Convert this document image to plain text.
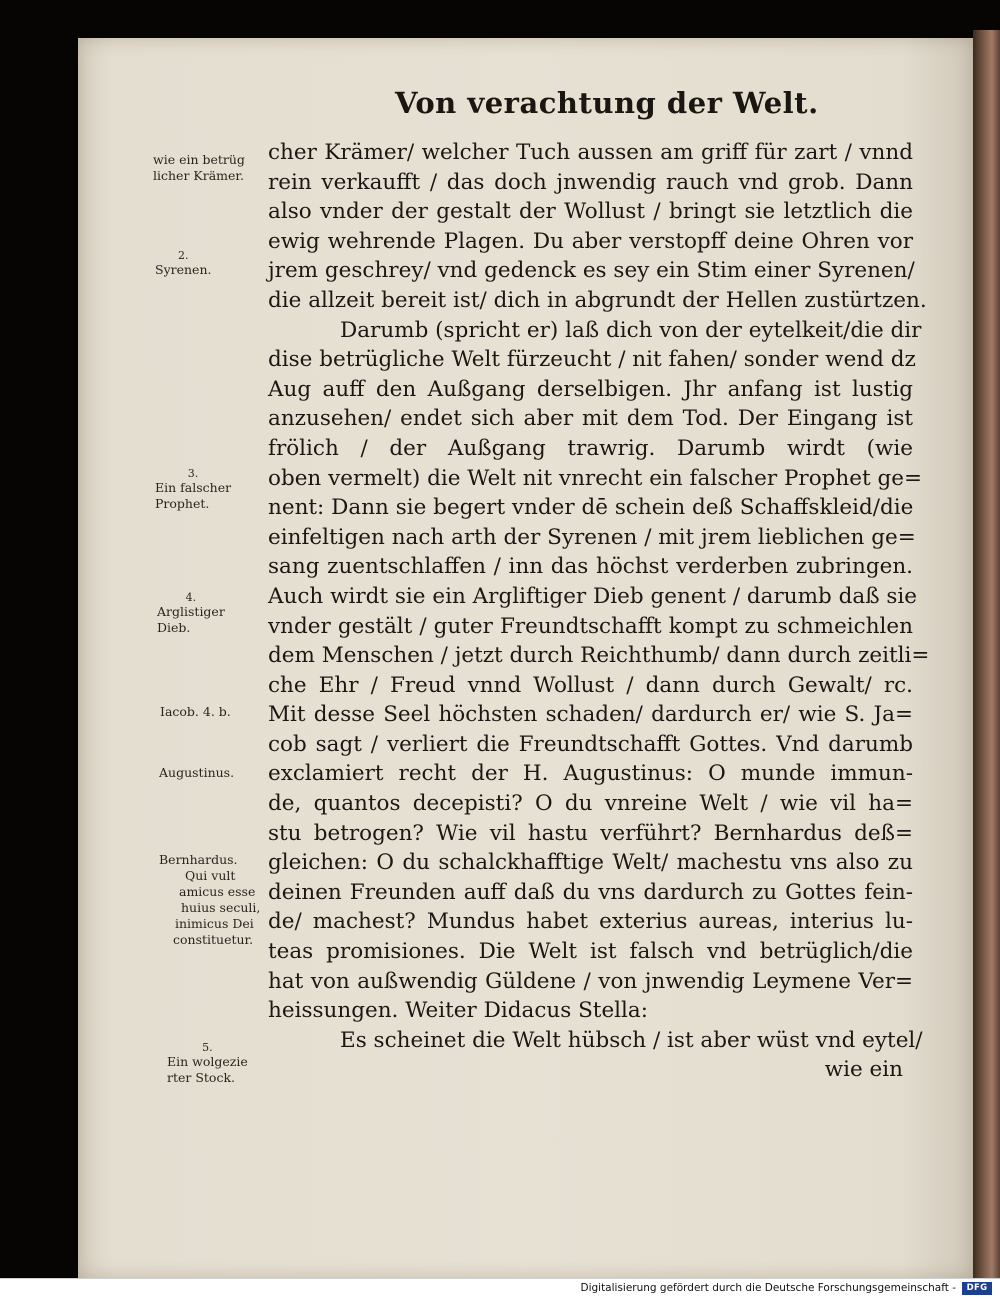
Von verachtung der Welt.
cher Krämer/ welcher Tuch aussen am griff für zart / vnnd
rein verkaufft / das doch jnwendig rauch vnd grob. Dann
also vnder der gestalt der Wollust / bringt sie letztlich die
ewig wehrende Plagen. Du aber verstopff deine Ohren vor
jrem geschrey/ vnd gedenck es sey ein Stim einer Syrenen/
die allzeit bereit ist/ dich in abgrundt der Hellen zustürtzen.
Darumb (spricht er) laß dich von der eytelkeit/die dir
dise betrügliche Welt fürzeucht / nit fahen/ sonder wend dz
Aug auff den Außgang derselbigen. Jhr anfang ist lustig
anzusehen/ endet sich aber mit dem Tod. Der Eingang ist
frölich / der Außgang trawrig. Darumb wirdt (wie
oben vermelt) die Welt nit vnrecht ein falscher Prophet ge=
nent: Dann sie begert vnder dē schein deß Schaffskleid/die
einfeltigen nach arth der Syrenen / mit jrem lieblichen ge=
sang zuentschlaffen / inn das höchst verderben zubringen.
Auch wirdt sie ein Argliftiger Dieb genent / darumb daß sie
vnder gestält / guter Freundtschafft kompt zu schmeichlen
dem Menschen / jetzt durch Reichthumb/ dann durch zeitli=
che Ehr / Freud vnnd Wollust / dann durch Gewalt/ rc.
Mit desse Seel höchsten schaden/ dardurch er/ wie S. Ja=
cob sagt / verliert die Freundtschafft Gottes. Vnd darumb
exclamiert recht der H. Augustinus: O munde immun-
de, quantos decepisti? O du vnreine Welt / wie vil ha=
stu betrogen? Wie vil hastu verführt? Bernhardus deß=
gleichen: O du schalckhafftige Welt/ machestu vns also zu
deinen Freunden auff daß du vns dardurch zu Gottes fein-
de/ machest? Mundus habet exterius aureas, interius lu-
teas promisiones. Die Welt ist falsch vnd betrüglich/die
hat von außwendig Güldene / von jnwendig Leymene Ver=
heissungen. Weiter Didacus Stella:
Es scheinet die Welt hübsch / ist aber wüst vnd eytel/
wie ein
wie ein betrüg
licher Krämer.
2.
Syrenen.
3.
Ein falscher
Prophet.
4.
Arglistiger
Dieb.
Iacob. 4. b.
Augustinus.
Bernhardus.
Qui vult
amicus esse
huius seculi,
inimicus Dei
constituetur.
5.
Ein wolgezie
rter Stock.
Digitalisierung gefördert durch die Deutsche Forschungsgemeinschaft -	DFG
